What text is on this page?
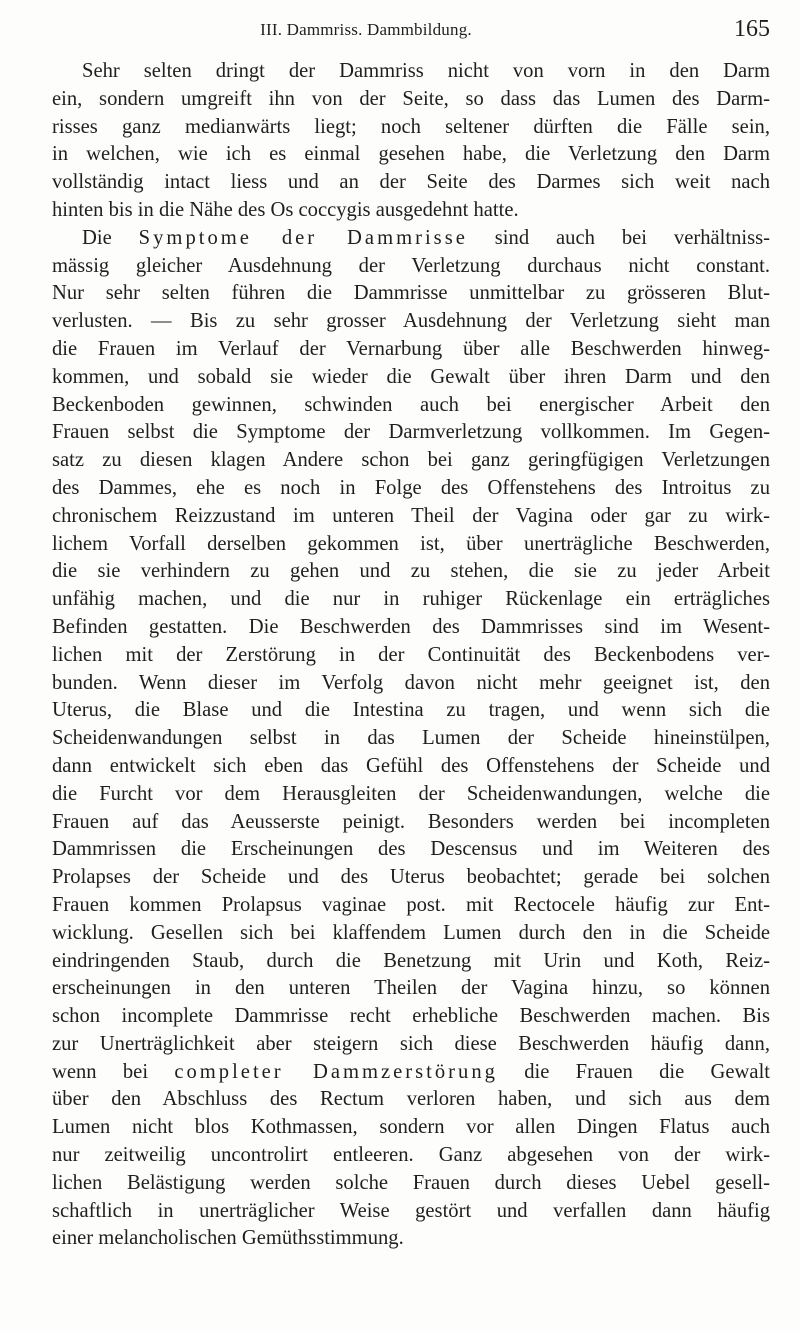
III. Dammriss. Dammbildung.	165
Sehr selten dringt der Dammriss nicht von vorn in den Darm
ein, sondern umgreift ihn von der Seite, so dass das Lumen des Darm-
risses ganz medianwärts liegt; noch seltener dürften die Fälle sein,
in welchen, wie ich es einmal gesehen habe, die Verletzung den Darm
vollständig intact liess und an der Seite des Darmes sich weit nach
hinten bis in die Nähe des Os coccygis ausgedehnt hatte.
Die Symptome der Dammrisse sind auch bei verhältniss-
mässig gleicher Ausdehnung der Verletzung durchaus nicht constant.
Nur sehr selten führen die Dammrisse unmittelbar zu grösseren Blut-
verlusten. — Bis zu sehr grosser Ausdehnung der Verletzung sieht man
die Frauen im Verlauf der Vernarbung über alle Beschwerden hinweg-
kommen, und sobald sie wieder die Gewalt über ihren Darm und den
Beckenboden gewinnen, schwinden auch bei energischer Arbeit den
Frauen selbst die Symptome der Darmverletzung vollkommen. Im Gegen-
satz zu diesen klagen Andere schon bei ganz geringfügigen Verletzungen
des Dammes, ehe es noch in Folge des Offenstehens des Introitus zu
chronischem Reizzustand im unteren Theil der Vagina oder gar zu wirk-
lichem Vorfall derselben gekommen ist, über unerträgliche Beschwerden,
die sie verhindern zu gehen und zu stehen, die sie zu jeder Arbeit
unfähig machen, und die nur in ruhiger Rückenlage ein erträgliches
Befinden gestatten. Die Beschwerden des Dammrisses sind im Wesent-
lichen mit der Zerstörung in der Continuität des Beckenbodens ver-
bunden. Wenn dieser im Verfolg davon nicht mehr geeignet ist, den
Uterus, die Blase und die Intestina zu tragen, und wenn sich die
Scheidenwandungen selbst in das Lumen der Scheide hineinstülpen,
dann entwickelt sich eben das Gefühl des Offenstehens der Scheide und
die Furcht vor dem Herausgleiten der Scheidenwandungen, welche die
Frauen auf das Aeusserste peinigt. Besonders werden bei incompleten
Dammrissen die Erscheinungen des Descensus und im Weiteren des
Prolapses der Scheide und des Uterus beobachtet; gerade bei solchen
Frauen kommen Prolapsus vaginae post. mit Rectocele häufig zur Ent-
wicklung. Gesellen sich bei klaffendem Lumen durch den in die Scheide
eindringenden Staub, durch die Benetzung mit Urin und Koth, Reiz-
erscheinungen in den unteren Theilen der Vagina hinzu, so können
schon incomplete Dammrisse recht erhebliche Beschwerden machen. Bis
zur Unerträglichkeit aber steigern sich diese Beschwerden häufig dann,
wenn bei completer Dammzerstörung die Frauen die Gewalt
über den Abschluss des Rectum verloren haben, und sich aus dem
Lumen nicht blos Kothmassen, sondern vor allen Dingen Flatus auch
nur zeitweilig uncontrolirt entleeren. Ganz abgesehen von der wirk-
lichen Belästigung werden solche Frauen durch dieses Uebel gesell-
schaftlich in unerträglicher Weise gestört und verfallen dann häufig
einer melancholischen Gemüthsstimmung.
